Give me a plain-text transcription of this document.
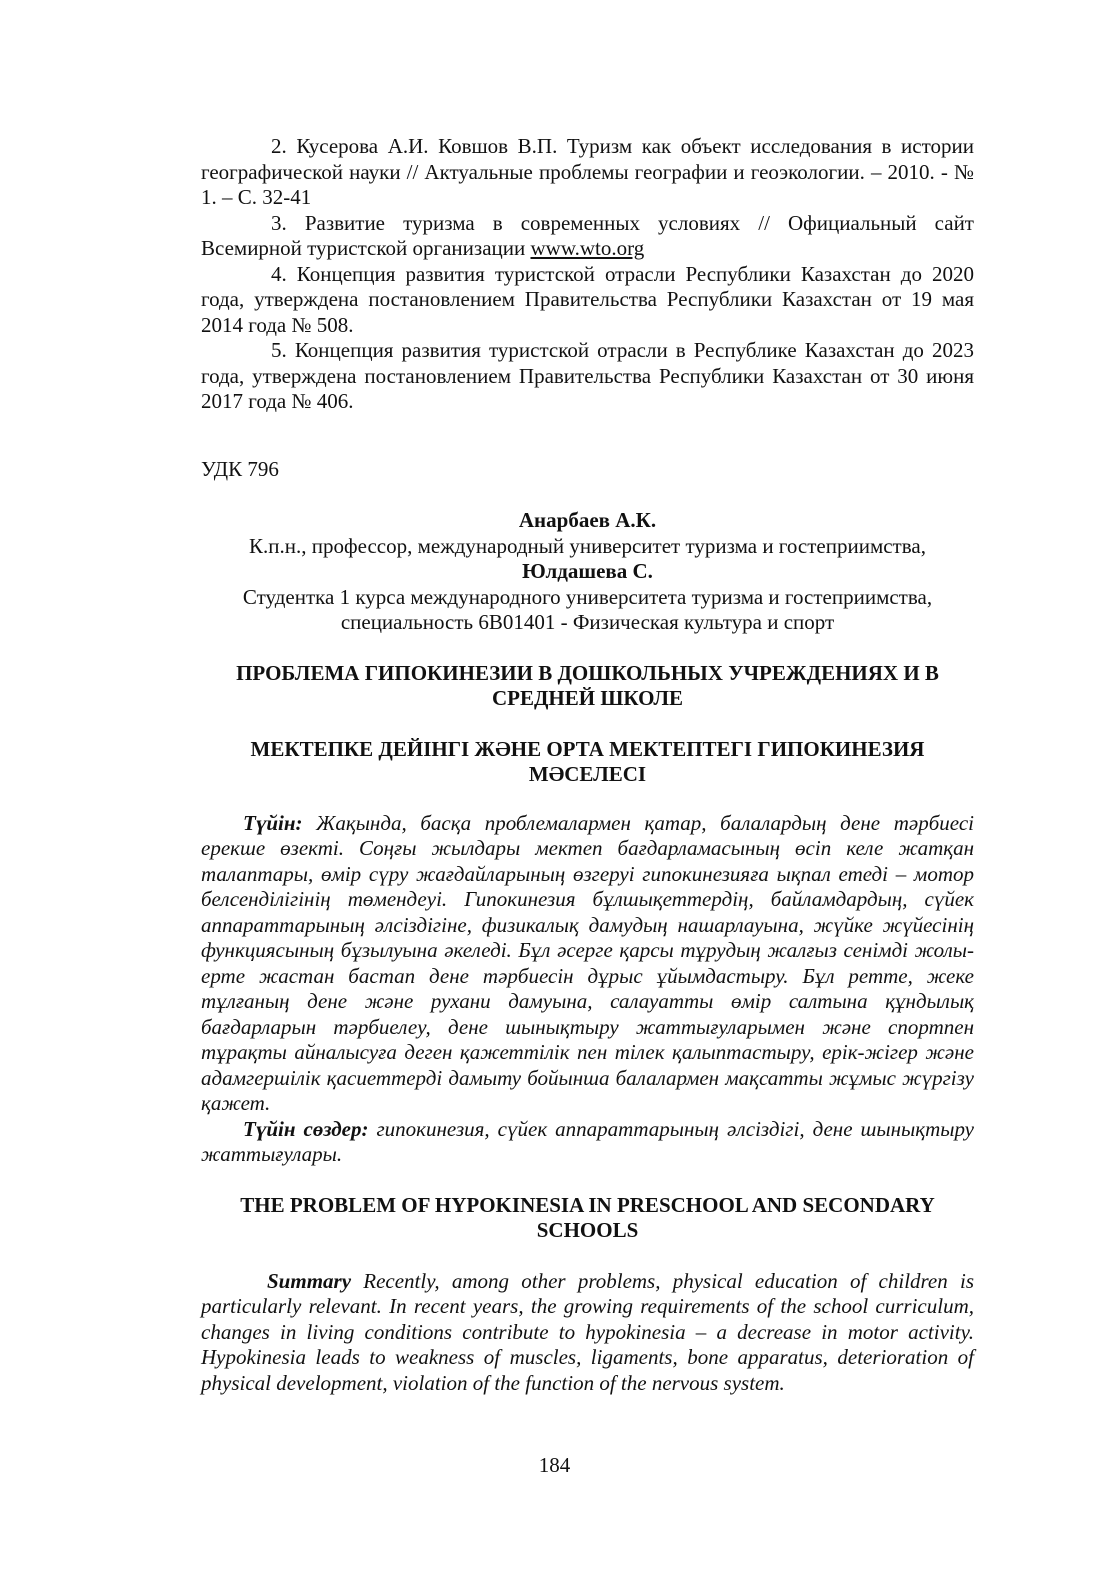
2. Кусерова А.И. Ковшов В.П. Туризм как объект исследования в истории географической науки // Актуальные проблемы географии и геоэкологии. – 2010. - № 1. – С. 32-41

3. Развитие туризма в современных условиях // Официальный сайт Всемирной туристской организации www.wto.org

4. Концепция развития туристской отрасли Республики Казахстан до 2020 года, утверждена постановлением Правительства Республики Казахстан от 19 мая 2014 года № 508.

5. Концепция развития туристской отрасли в Республике Казахстан до 2023 года, утверждена постановлением Правительства Республики Казахстан от 30 июня 2017 года № 406.

УДК 796

Анарбаев А.К.
К.п.н., профессор, международный университет туризма и гостеприимства,
Юлдашева С.
Студентка 1 курса международного университета туризма и гостеприимства,
специальность 6В01401 - Физическая культура и спорт

ПРОБЛЕМА ГИПОКИНЕЗИИ В ДОШКОЛЬНЫХ УЧРЕЖДЕНИЯХ И В СРЕДНЕЙ ШКОЛЕ

МЕКТЕПКЕ ДЕЙІНГІ ЖӘНЕ ОРТА МЕКТЕПТЕГІ ГИПОКИНЕЗИЯ МӘСЕЛЕСІ

Түйін: Жақында, басқа проблемалармен қатар, балалардың дене тәрбиесі ерекше өзекті. Соңғы жылдары мектеп бағдарламасының өсіп келе жатқан талаптары, өмір сүру жағдайларының өзгеруі гипокинезияға ықпал етеді – мотор белсенділігінің төмендеуі. Гипокинезия бұлшықеттердің, байламдардың, сүйек аппараттарының әлсіздігіне, физикалық дамудың нашарлауына, жүйке жүйесінің функциясының бұзылуына әкеледі. Бұл әсерге қарсы тұрудың жалғыз сенімді жолы-ерте жастан бастап дене тәрбиесін дұрыс ұйымдастыру. Бұл ретте, жеке тұлғаның дене және рухани дамуына, салауатты өмір салтына құндылық бағдарларын тәрбиелеу, дене шынықтыру жаттығуларымен және спортпен тұрақты айналысуға деген қажеттілік пен тілек қалыптастыру, ерік-жігер және адамгершілік қасиеттерді дамыту бойынша балалармен мақсатты жұмыс жүргізу қажет.

Түйін сөздер: гипокинезия, сүйек аппараттарының әлсіздігі, дене шынықтыру жаттығулары.

THE PROBLEM OF HYPOKINESIA IN PRESCHOOL AND SECONDARY SCHOOLS

Summary Recently, among other problems, physical education of children is particularly relevant. In recent years, the growing requirements of the school curriculum, changes in living conditions contribute to hypokinesia – a decrease in motor activity. Hypokinesia leads to weakness of muscles, ligaments, bone apparatus, deterioration of physical development, violation of the function of the nervous system.

184
